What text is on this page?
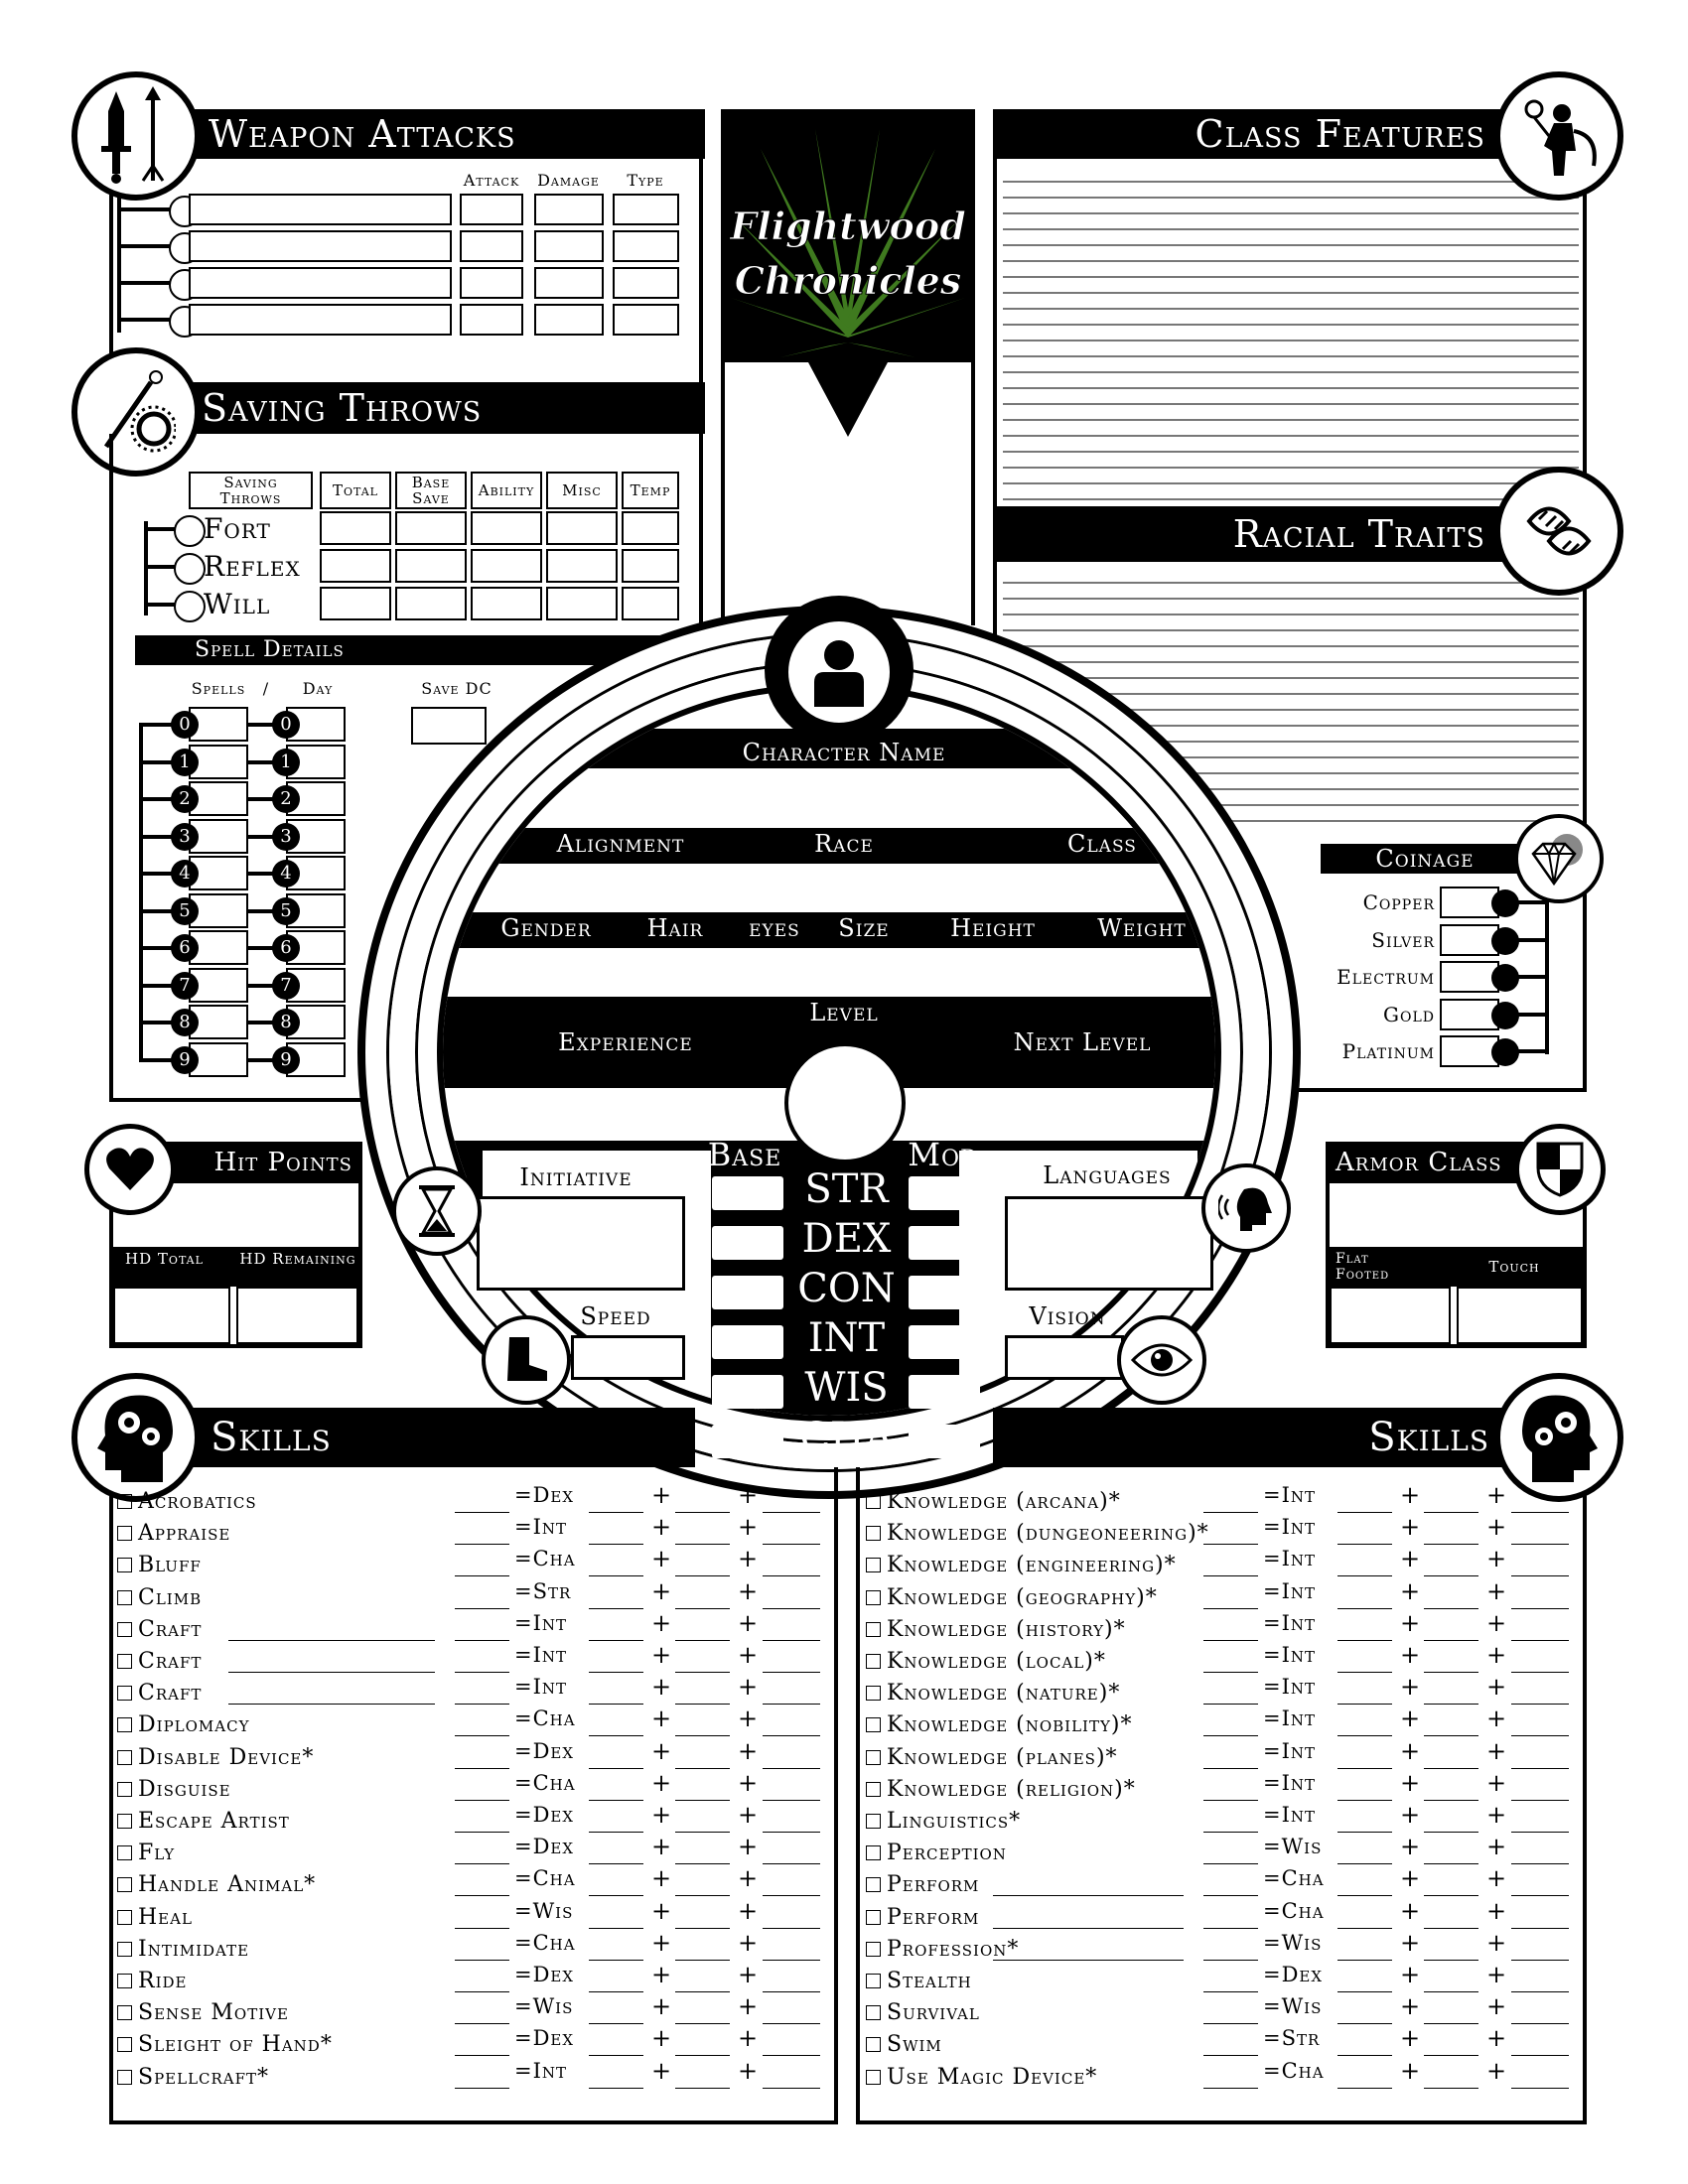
Weapon Attacks
Attack	Damage	Type
Flightwood
Chronicles
Class Features
Racial Traits
Saving Throws
Saving Throws	Total	Base Save	Ability	Misc	Temp
Fort
Reflex
Will
Spell Details
Spells	/	Day	Save DC
0	0
1	1
2	2
3	3
4	4
5	5
6	6
7	7
8	8
9	9
Character Name
Alignment	Race	Class
Gender	Hair	eyes	Size	Height	Weight
Level
Experience	Next Level
Base	Mod
STR
DEX
CON
INT
WIS
CHA
Initiative
Speed
Languages
Vision
Coinage
Copper
Silver
Electrum
Gold
Platinum
Hit Points
HD Total	HD Remaining
Armor Class
Flat Footed	Touch
Skills	Skills
Acrobatics	=Dex	+	+
Appraise	=Int	+	+
Bluff	=Cha	+	+
Climb	=Str	+	+
Craft	=Int	+	+
Craft	=Int	+	+
Craft	=Int	+	+
Diplomacy	=Cha	+	+
Disable Device*	=Dex	+	+
Disguise	=Cha	+	+
Escape Artist	=Dex	+	+
Fly	=Dex	+	+
Handle Animal*	=Cha	+	+
Heal	=Wis	+	+
Intimidate	=Cha	+	+
Ride	=Dex	+	+
Sense Motive	=Wis	+	+
Sleight of Hand*	=Dex	+	+
Spellcraft*	=Int	+	+
Knowledge (arcana)*	=Int	+	+
Knowledge (dungeoneering)*	=Int	+	+
Knowledge (engineering)*	=Int	+	+
Knowledge (geography)*	=Int	+	+
Knowledge (history)*	=Int	+	+
Knowledge (local)*	=Int	+	+
Knowledge (nature)*	=Int	+	+
Knowledge (nobility)*	=Int	+	+
Knowledge (planes)*	=Int	+	+
Knowledge (religion)*	=Int	+	+
Linguistics*	=Int	+	+
Perception	=Wis	+	+
Perform	=Cha	+	+
Perform	=Cha	+	+
Profession*	=Wis	+	+
Stealth	=Dex	+	+
Survival	=Wis	+	+
Swim	=Str	+	+
Use Magic Device*	=Cha	+	+
